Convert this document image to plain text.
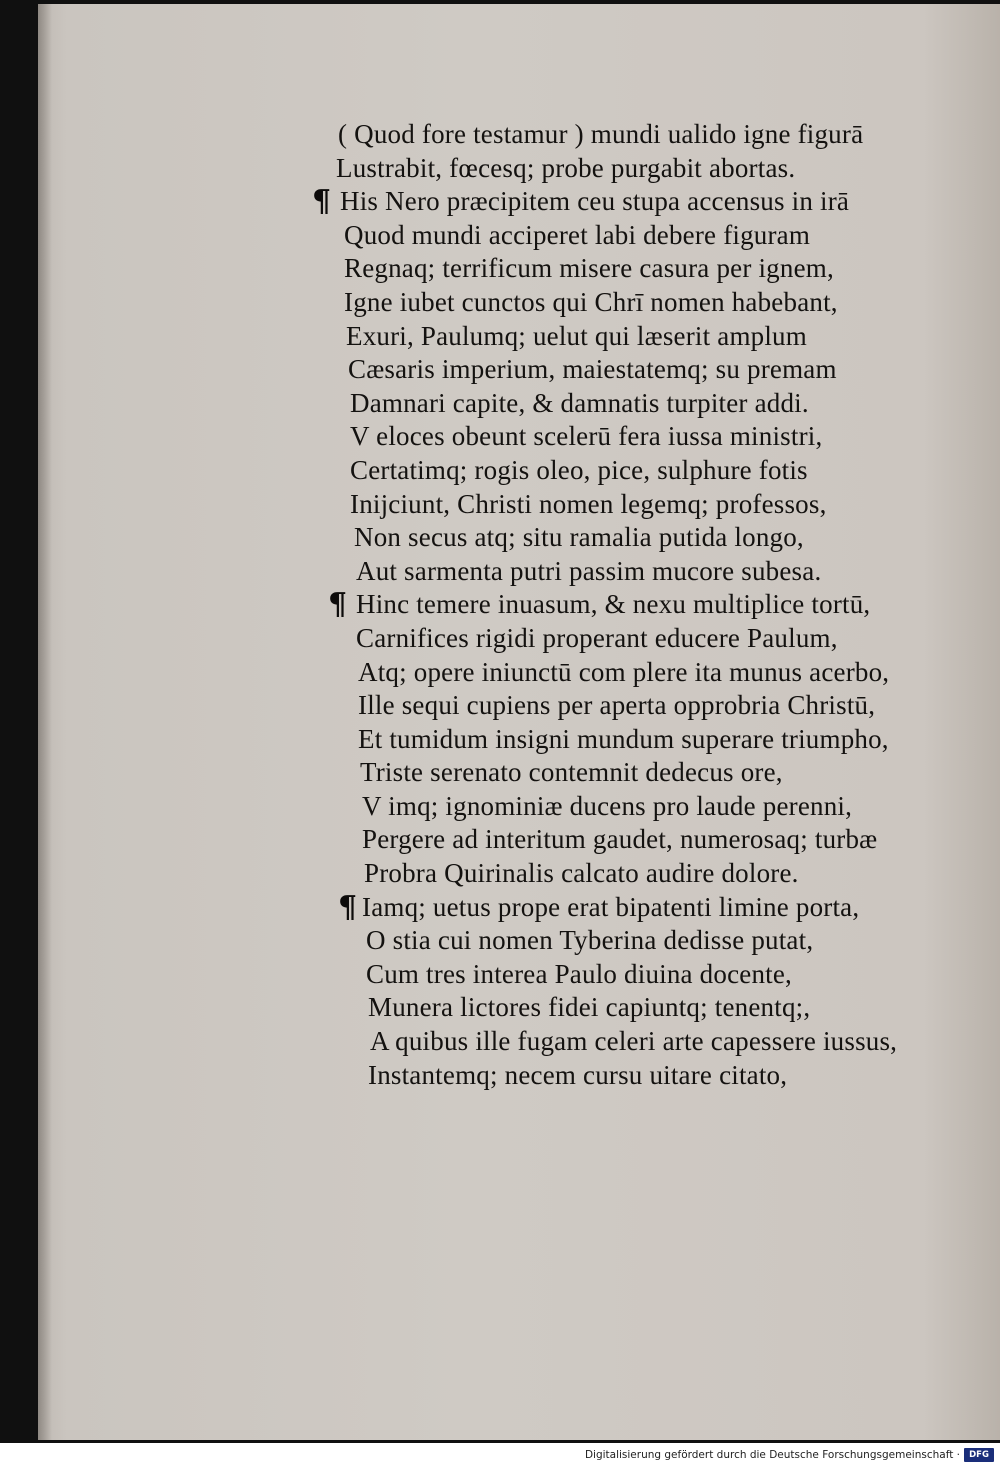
( Quod fore testamur ) mundi ualido igne figurā
Lustrabit, fœcesq; probe purgabit abortas.
¶ His Nero præcipitem ceu stupa accensus in irā
Quod mundi acciperet labi debere figuram
Regnaq; terrificum misere casura per ignem,
Igne iubet cunctos qui Chrī nomen habebant,
Exuri, Paulumq; uelut qui læserit amplum
Cæsaris imperium, maiestatemq; su premam
Damnari capite, & damnatis turpiter addi.
V eloces obeunt scelerū fera iussa ministri,
Certatimq; rogis oleo, pice, sulphure fotis
Inijciunt, Christi nomen legemq; professos,
Non secus atq; situ ramalia putida longo,
Aut sarmenta putri passim mucore subesa.
¶ Hinc temere inuasum, & nexu multiplice tortū,
Carnifices rigidi properant educere Paulum,
Atq; opere iniunctū com plere ita munus acerbo,
Ille sequi cupiens per aperta opprobria Christū,
Et tumidum insigni mundum superare triumpho,
Triste serenato contemnit dedecus ore,
V imq; ignominiæ ducens pro laude perenni,
Pergere ad interitum gaudet, numerosaq; turbæ
Probra Quirinalis calcato audire dolore.
¶ Iamq; uetus prope erat bipatenti limine porta,
O stia cui nomen Tyberina dedisse putat,
Cum tres interea Paulo diuina docente,
Munera lictores fidei capiuntq; tenentq;,
A quibus ille fugam celeri arte capessere iussus,
Instantemq; necem cursu uitare citato,
Digitalisierung gefördert durch die Deutsche Forschungsgemeinschaft ·	DFG
